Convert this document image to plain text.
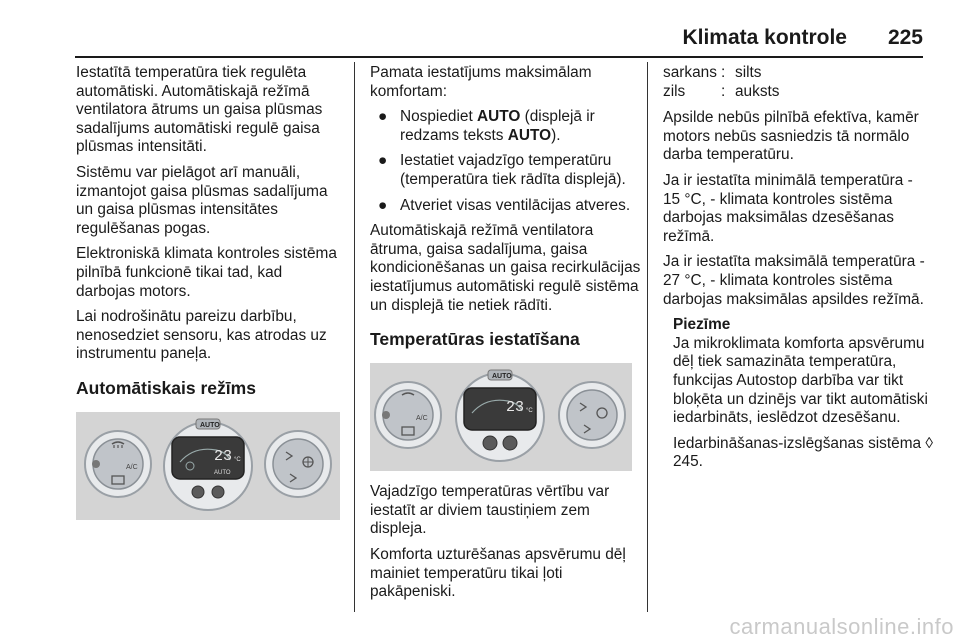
Klimata kontrole 225

Iestatītā temperatūra tiek regulēta automātiski. Automātiskajā režīmā ventilatora ātrums un gaisa plūsmas sadalījums automātiski regulē gaisa plūsmas intensitāti.

Sistēmu var pielāgot arī manuāli, izmantojot gaisa plūsmas sadalījuma un gaisa plūsmas intensitātes regulēšanas pogas.

Elektroniskā klimata kontroles sistēma pilnībā funkcionē tikai tad, kad darbojas motors.

Lai nodrošinātu pareizu darbību, nenosedziet sensoru, kas atrodas uz instrumentu paneļa.

Automātiskais režīms
A/C
AUTO
23 °C
AUTO

Pamata iestatījums maksimālam komfortam:

● Nospiediet AUTO (displejā ir redzams teksts AUTO).
● Iestatiet vajadzīgo temperatūru (temperatūra tiek rādīta displejā).
● Atveriet visas ventilācijas atveres.

Automātiskajā režīmā ventilatora ātruma, gaisa sadalījuma, gaisa kondicionēšanas un gaisa recirkulācijas iestatījumus automātiski regulē sistēma un displejā tie netiek rādīti.

Temperatūras iestatīšana
A/C
AUTO
23 °C

Vajadzīgo temperatūras vērtību var iestatīt ar diviem taustiņiem zem displeja.

Komforta uzturēšanas apsvērumu dēļ mainiet temperatūru tikai ļoti pakāpeniski.

sarkans : silts
zils	: auksts

Apsilde nebūs pilnībā efektīva, kamēr motors nebūs sasniedzis tā normālo darba temperatūru.

Ja ir iestatīta minimālā temperatūra - 15 °C, - klimata kontroles sistēma darbojas maksimālas dzesēšanas režīmā.

Ja ir iestatīta maksimālā temperatūra - 27 °C, - klimata kontroles sistēma darbojas maksimālas apsildes režīmā.

Piezīme

Ja mikroklimata komforta apsvērumu dēļ tiek samazināta temperatūra, funkcijas Autostop darbība var tikt bloķēta un dzinējs var tikt automātiski iedarbināts, ieslēdzot dzesēšanu.

Iedarbināšanas-izslēgšanas sistēma ◊ 245.

carmanualsonline.info
